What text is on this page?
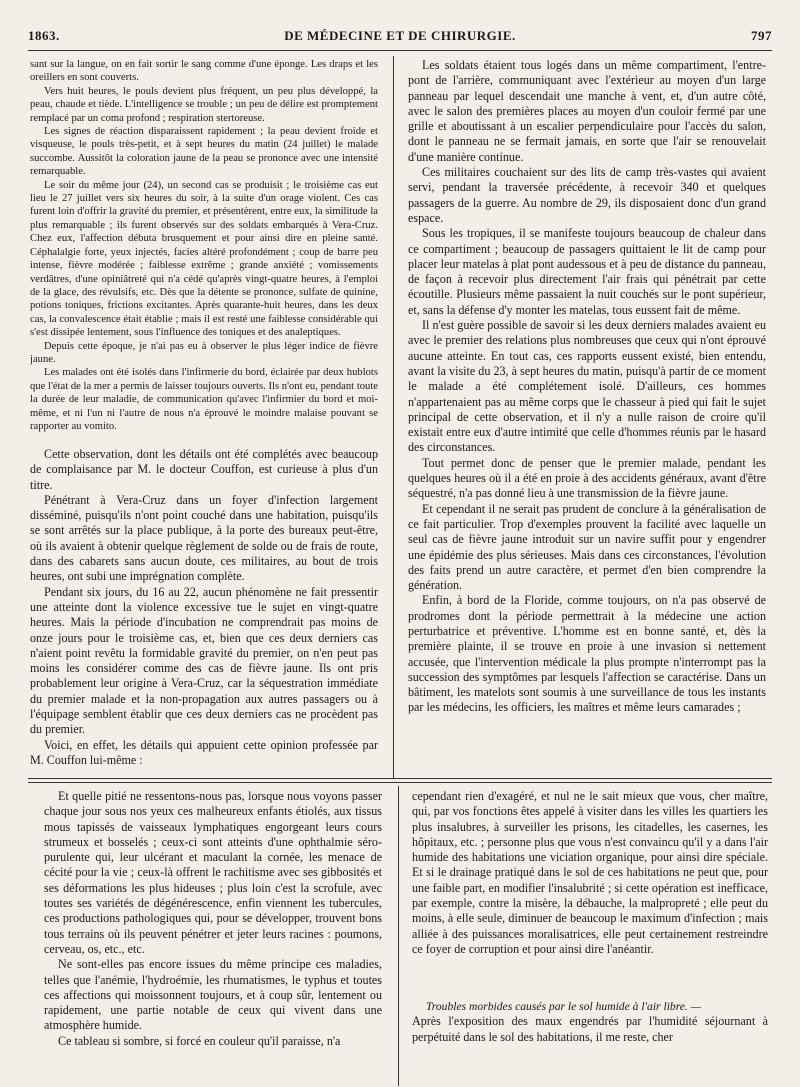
1863.	DE MÉDECINE ET DE CHIRURGIE.	797

sant sur la langue, on en fait sortir le sang comme d'une éponge. Les draps et les oreillers en sont couverts.

Vers huit heures, le pouls devient plus fréquent, un peu plus développé, la peau, chaude et tiède. L'intelligence se trouble ; un peu de délire est promptement remplacé par un coma profond ; respiration stertoreuse.

Les signes de réaction disparaissent rapidement ; la peau devient froide et visqueuse, le pouls très-petit, et à sept heures du matin (24 juillet) le malade succombe. Aussitôt la coloration jaune de la peau se prononce avec une intensité remarquable.

Le soir du même jour (24), un second cas se produisit ; le troisième cas eut lieu le 27 juillet vers six heures du soir, à la suite d'un orage violent. Ces cas furent loin d'offrir la gravité du premier, et présentèrent, entre eux, la similitude la plus remarquable ; ils furent observés sur des soldats embarqués à Vera-Cruz. Chez eux, l'affection débuta brusquement et pour ainsi dire en pleine santé. Céphalalgie forte, yeux injectés, facies altéré profondément ; coup de barre peu intense, fièvre modérée ; faiblesse extrême ; grande anxiété ; vomissements verdâtres, d'une opiniâtreté qui n'a cédé qu'après vingt-quatre heures, à l'emploi de la glace, des révulsifs, etc. Dès que la détente se prononce, sulfate de quinine, potions toniques, frictions excitantes. Après quarante-huit heures, dans les deux cas, la convalescence était établie ; mais il est resté une faiblesse considérable qui s'est dissipée lentement, sous l'influence des toniques et des analeptiques.

Depuis cette époque, je n'ai pas eu à observer le plus léger indice de fièvre jaune.

Les malades ont été isolés dans l'infirmerie du bord, éclairée par deux hublots que l'état de la mer a permis de laisser toujours ouverts. Ils n'ont eu, pendant toute la durée de leur maladie, de communication qu'avec l'infirmier du bord et moi-même, et ni l'un ni l'autre de nous n'a éprouvé le moindre malaise pouvant se rapporter au vomito.

Cette observation, dont les détails ont été complétés avec beaucoup de complaisance par M. le docteur Couffon, est curieuse à plus d'un titre.

Pénétrant à Vera-Cruz dans un foyer d'infection largement disséminé, puisqu'ils n'ont point couché dans une habitation, puisqu'ils se sont arrêtés sur la place publique, à la porte des bureaux peut-être, où ils avaient à obtenir quelque règlement de solde ou de frais de route, dans des cabarets sans aucun doute, ces militaires, au bout de trois heures, ont subi une imprégnation complète.

Pendant six jours, du 16 au 22, aucun phénomène ne fait pressentir une atteinte dont la violence excessive tue le sujet en vingt-quatre heures. Mais la période d'incubation ne comprendrait pas moins de onze jours pour le troisième cas, et, bien que ces deux derniers cas n'aient point revêtu la formidable gravité du premier, on n'en peut pas moins les considérer comme des cas de fièvre jaune. Ils ont pris probablement leur origine à Vera-Cruz, car la séquestration immédiate du premier malade et la non-propagation aux autres passagers ou à l'équipage semblent établir que ces deux derniers cas ne procèdent pas du premier.

Voici, en effet, les détails qui appuient cette opinion professée par M. Couffon lui-même :

Les soldats étaient tous logés dans un même compartiment, l'entre-pont de l'arrière, communiquant avec l'extérieur au moyen d'un large panneau par lequel descendait une manche à vent, et, d'un autre côté, avec le salon des premières places au moyen d'un couloir fermé par une grille et aboutissant à un escalier perpendiculaire pour l'accès du salon, dont le panneau ne se fermait jamais, en sorte que l'air se renouvelait d'une manière continue.

Ces militaires couchaient sur des lits de camp très-vastes qui avaient servi, pendant la traversée précédente, à recevoir 340 et quelques passagers de la guerre. Au nombre de 29, ils disposaient donc d'un grand espace.

Sous les tropiques, il se manifeste toujours beaucoup de chaleur dans ce compartiment ; beaucoup de passagers quittaient le lit de camp pour placer leur matelas à plat pont audessous et à peu de distance du panneau, de façon à recevoir plus directement l'air frais qui pénétrait par cette écoutille. Plusieurs même passaient la nuit couchés sur le pont supérieur, et, sans la défense d'y monter les matelas, tous eussent fait de même.

Il n'est guère possible de savoir si les deux derniers malades avaient eu avec le premier des relations plus nombreuses que ceux qui n'ont éprouvé aucune atteinte. En tout cas, ces rapports eussent existé, bien entendu, avant la visite du 23, à sept heures du matin, puisqu'à partir de ce moment le malade a été complétement isolé. D'ailleurs, ces hommes n'appartenaient pas au même corps que le chasseur à pied qui fait le sujet principal de cette observation, et il n'y a nulle raison de croire qu'il existait entre eux d'autre intimité que celle d'hommes réunis par le hasard des circonstances.

Tout permet donc de penser que le premier malade, pendant les quelques heures où il a été en proie à des accidents généraux, avant d'être séquestré, n'a pas donné lieu à une transmission de la fièvre jaune.

Et cependant il ne serait pas prudent de conclure à la généralisation de ce fait particulier. Trop d'exemples prouvent la facilité avec laquelle un seul cas de fièvre jaune introduit sur un navire suffit pour y engendrer une épidémie des plus sérieuses. Mais dans ces circonstances, l'évolution des faits prend un autre caractère, et permet d'en bien comprendre la génération.

Enfin, à bord de la Floride, comme toujours, on n'a pas observé de prodromes dont la période permettrait à la médecine une action perturbatrice et préventive. L'homme est en bonne santé, et, dès la première plainte, il se trouve en proie à une invasion si nettement accusée, que l'intervention médicale la plus prompte n'interrompt pas la succession des symptômes par lesquels l'affection se caractérise. Dans un bâtiment, les matelots sont soumis à une surveillance de tous les instants par les médecins, les officiers, les maîtres et même leurs camarades ;

Et quelle pitié ne ressentons-nous pas, lorsque nous voyons passer chaque jour sous nos yeux ces malheureux enfants étiolés, aux tissus mous tapissés de vaisseaux lymphatiques engorgeant leurs cours strumeux et bosselés ; ceux-ci sont atteints d'une ophthalmie séro-purulente qui, leur ulcérant et maculant la cornée, les menace de cécité pour la vie ; ceux-là offrent le rachitisme avec ses gibbosités et ses déformations les plus hideuses ; plus loin c'est la scrofule, avec toutes ses variétés de dégénérescence, enfin viennent les tubercules, ces productions pathologiques qui, pour se développer, trouvent bons tous terrains où ils peuvent pénétrer et jeter leurs racines : poumons, cerveau, os, etc., etc.

Ne sont-elles pas encore issues du même principe ces maladies, telles que l'anémie, l'hydroémie, les rhumatismes, le typhus et toutes ces affections qui moissonnent toujours, et à coup sûr, lentement ou rapidement, une partie notable de ceux qui vivent dans une atmosphère humide.

Ce tableau si sombre, si forcé en couleur qu'il paraisse, n'a

cependant rien d'exagéré, et nul ne le sait mieux que vous, cher maître, qui, par vos fonctions êtes appelé à visiter dans les villes les quartiers les plus insalubres, à surveiller les prisons, les citadelles, les casernes, les hôpitaux, etc. ; personne plus que vous n'est convaincu qu'il y a dans l'air humide des habitations une viciation organique, pour ainsi dire spéciale. Et si le drainage pratiqué dans le sol de ces habitations ne peut que, pour une faible part, en modifier l'insalubrité ; si cette opération est inefficace, par exemple, contre la misère, la débauche, la malpropreté ; elle peut du moins, à elle seule, diminuer de beaucoup le maximum d'infection ; mais alliée à des puissances moralisatrices, elle peut certainement restreindre ce foyer de corruption et pour ainsi dire l'anéantir.

Troubles morbides causés par le sol humide à l'air libre. —

Après l'exposition des maux engendrés par l'humidité séjournant à perpétuité dans le sol des habitations, il me reste, cher
